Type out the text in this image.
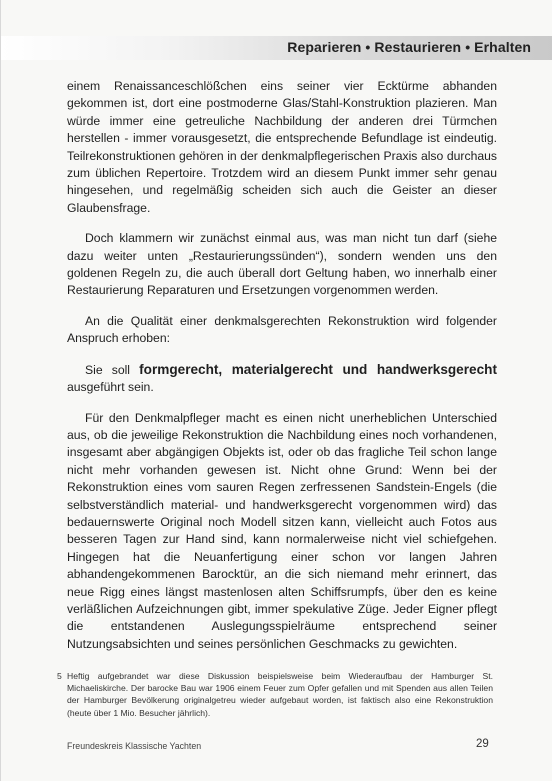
Reparieren • Restaurieren • Erhalten

einem Renaissanceschlößchen eins seiner vier Ecktürme abhanden gekommen ist, dort eine postmoderne Glas/Stahl-Konstruktion plazieren. Man würde immer eine getreuliche Nachbildung der anderen drei Türmchen herstellen - immer vorausgesetzt, die entsprechende Befundlage ist eindeutig. Teilrekonstruktionen gehören in der denkmalpflegerischen Praxis also durchaus zum üblichen Repertoire. Trotzdem wird an diesem Punkt immer sehr genau hingesehen, und regelmäßig scheiden sich auch die Geister an dieser Glaubensfrage.

Doch klammern wir zunächst einmal aus, was man nicht tun darf (siehe dazu weiter unten „Restaurierungssünden“), sondern wenden uns den goldenen Regeln zu, die auch überall dort Geltung haben, wo innerhalb einer Restaurierung Reparaturen und Ersetzungen vorgenommen werden.

An die Qualität einer denkmalsgerechten Rekonstruktion wird folgender Anspruch erhoben:

Sie soll formgerecht, materialgerecht und handwerksgerecht ausgeführt sein.

Für den Denkmalpfleger macht es einen nicht unerheblichen Unterschied aus, ob die jeweilige Rekonstruktion die Nachbildung eines noch vorhandenen, insgesamt aber abgängigen Objekts ist, oder ob das fragliche Teil schon lange nicht mehr vorhanden gewesen ist. Nicht ohne Grund: Wenn bei der Rekonstruktion eines vom sauren Regen zerfressenen Sandstein-Engels (die selbstverständlich material- und handwerksgerecht vorgenommen wird) das bedauernswerte Original noch Modell sitzen kann, vielleicht auch Fotos aus besseren Tagen zur Hand sind, kann normalerweise nicht viel schiefgehen. Hingegen hat die Neuanfertigung einer schon vor langen Jahren abhandengekommenen Barocktür, an die sich niemand mehr erinnert, das neue Rigg eines längst mastenlosen alten Schiffsrumpfs, über den es keine verläßlichen Aufzeichnungen gibt, immer spekulative Züge. Jeder Eigner pflegt die entstandenen Auslegungsspielräume entsprechend seiner Nutzungsabsichten und seines persönlichen Geschmacks zu gewichten.

5 Heftig aufgebrandet war diese Diskussion beispielsweise beim Wiederaufbau der Hamburger St. Michaeliskirche. Der barocke Bau war 1906 einem Feuer zum Opfer gefallen und mit Spenden aus allen Teilen der Hamburger Bevölkerung originalgetreu wieder aufgebaut worden, ist faktisch also eine Rekonstruktion (heute über 1 Mio. Besucher jährlich).
Freundeskreis Klassische Yachten	29
